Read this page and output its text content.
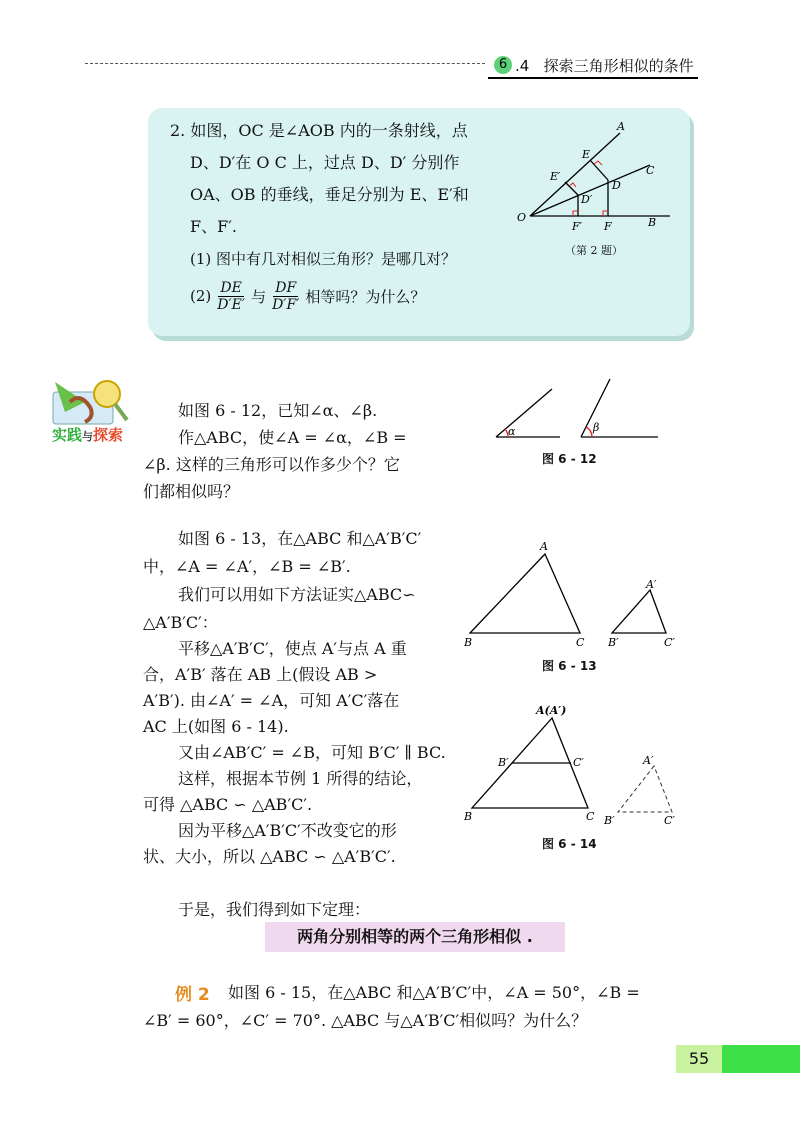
6 .4   探索三角形相似的条件
2. 如图，OC 是∠AOB 内的一条射线，点
D、D′在 O C 上，过点 D、D′ 分别作
OA、OB 的垂线，垂足分别为 E、E′和
F、F′.
(1) 图中有几对相似三角形？是哪几对？
$(2) \frac{DE}{D'E'}$ 与 $\frac{DF}{D'F'}$ 相等吗？为什么？
A
E
C
E′
D
D′
O
F′ F	B
（第 2 题）
实践与探索
如图 6 - 12，已知∠α、∠β.
作△ABC，使∠A = ∠α，∠B =
∠β. 这样的三角形可以作多少个？它
们都相似吗？
α	β
图 6 - 12
如图 6 - 13，在△ABC 和△A′B′C′
中，∠A = ∠A′，∠B = ∠B′.
我们可以用如下方法证实△ABC∽
△A′B′C′：
平移△A′B′C′，使点 A′与点 A 重
合，A′B′ 落在 AB 上(假设 AB >
A′B′). 由∠A′ = ∠A，可知 A′C′落在
AC 上(如图 6 - 14).
又由∠AB′C′ = ∠B，可知 B′C′ ∥ BC.
这样，根据本节例 1 所得的结论，
可得 △ABC ∽ △AB′C′.
因为平移△A′B′C′不改变它的形
状、大小，所以 △ABC ∽ △A′B′C′.
A
B	C
A′
B′	C′
图 6 - 13
A(A′)
B′	C′
B	C
A′
B′	C′
图 6 - 14
于是，我们得到如下定理：
两角分别相等的两个三角形相似 .
例 2 如图 6 - 15，在△ABC 和△A′B′C′中，∠A = 50°，∠B =
∠B′ = 60°，∠C′ = 70°. △ABC 与△A′B′C′相似吗？为什么？
55
